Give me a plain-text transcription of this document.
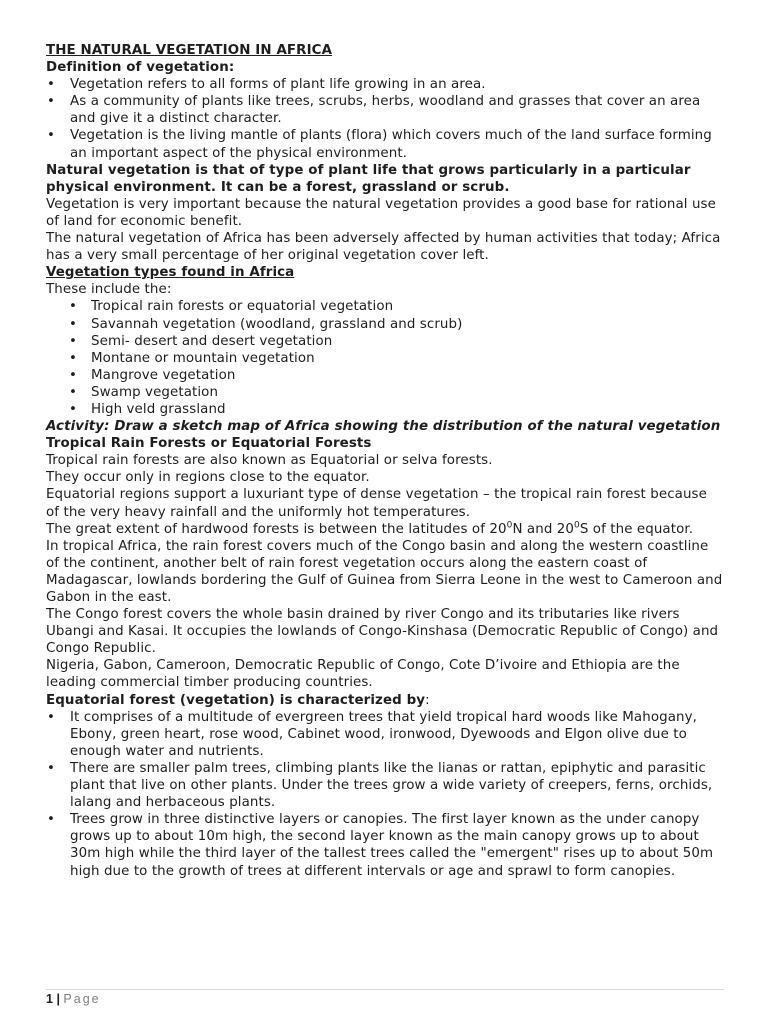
THE NATURAL VEGETATION IN AFRICA

Definition of vegetation:

• Vegetation refers to all forms of plant life growing in an area.
• As a community of plants like trees, scrubs, herbs, woodland and grasses that cover an area and give it a distinct character.
• Vegetation is the living mantle of plants (flora) which covers much of the land surface forming an important aspect of the physical environment.

Natural vegetation is that of type of plant life that grows particularly in a particular physical environment. It can be a forest, grassland or scrub.

Vegetation is very important because the natural vegetation provides a good base for rational use of land for economic benefit.

The natural vegetation of Africa has been adversely affected by human activities that today; Africa has a very small percentage of her original vegetation cover left.

Vegetation types found in Africa

These include the:

• Tropical rain forests or equatorial vegetation
• Savannah vegetation (woodland, grassland and scrub)
• Semi- desert and desert vegetation
• Montane or mountain vegetation
• Mangrove vegetation
• Swamp vegetation
• High veld grassland

Activity: Draw a sketch map of Africa showing the distribution of the natural vegetation

Tropical Rain Forests or Equatorial Forests

Tropical rain forests are also known as Equatorial or selva forests.

They occur only in regions close to the equator.

Equatorial regions support a luxuriant type of dense vegetation – the tropical rain forest because of the very heavy rainfall and the uniformly hot temperatures.

The great extent of hardwood forests is between the latitudes of $20^0N$ and $20^0S$ of the equator.

In tropical Africa, the rain forest covers much of the Congo basin and along the western coastline of the continent, another belt of rain forest vegetation occurs along the eastern coast of Madagascar, lowlands bordering the Gulf of Guinea from Sierra Leone in the west to Cameroon and Gabon in the east.

The Congo forest covers the whole basin drained by river Congo and its tributaries like rivers Ubangi and Kasai. It occupies the lowlands of Congo-Kinshasa (Democratic Republic of Congo) and Congo Republic.

Nigeria, Gabon, Cameroon, Democratic Republic of Congo, Cote D’ivoire and Ethiopia are the leading commercial timber producing countries.

Equatorial forest (vegetation) is characterized by:

• It comprises of a multitude of evergreen trees that yield tropical hard woods like Mahogany, Ebony, green heart, rose wood, Cabinet wood, ironwood, Dyewoods and Elgon olive due to enough water and nutrients.
• There are smaller palm trees, climbing plants like the lianas or rattan, epiphytic and parasitic plant that live on other plants. Under the trees grow a wide variety of creepers, ferns, orchids, lalang and herbaceous plants.
• Trees grow in three distinctive layers or canopies. The first layer known as the under canopy grows up to about 10m high, the second layer known as the main canopy grows up to about 30m high while the third layer of the tallest trees called the "emergent" rises up to about 50m high due to the growth of trees at different intervals or age and sprawl to form canopies.
1 | Page
